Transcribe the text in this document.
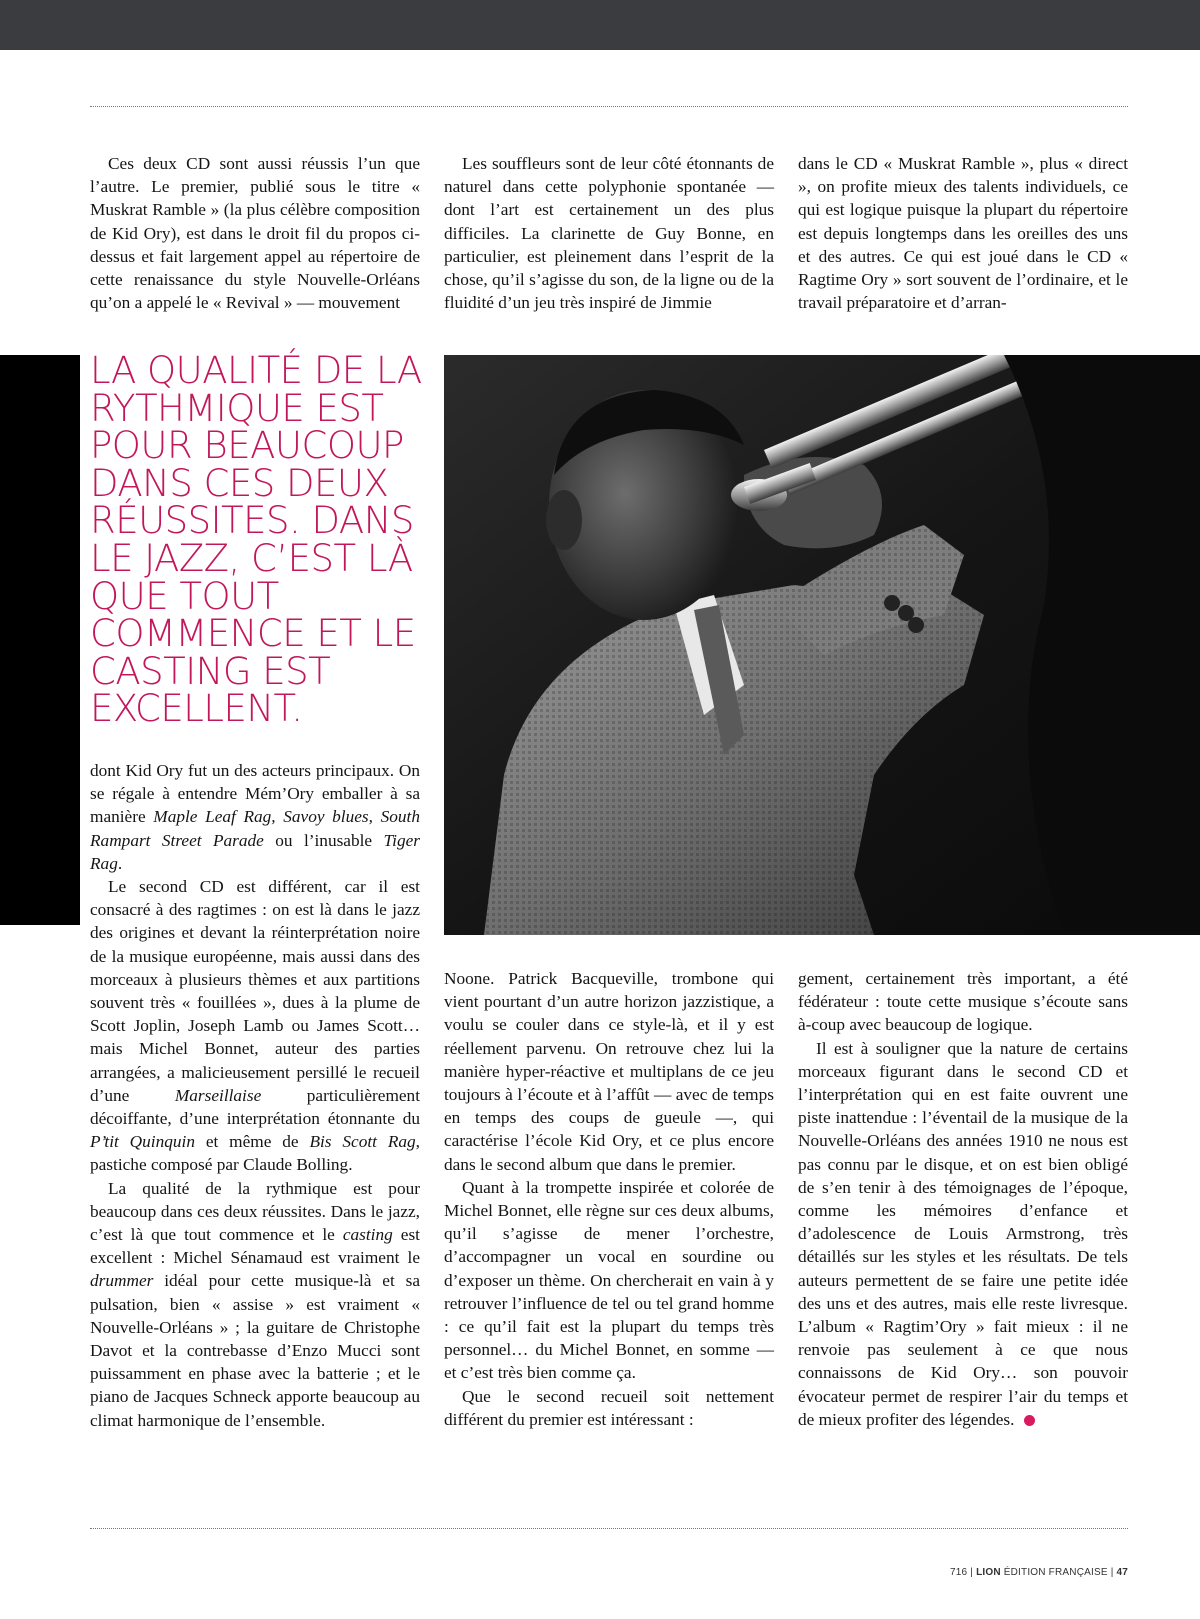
Ces deux CD sont aussi réussis l’un que l’autre. Le premier, publié sous le titre « Muskrat Ramble » (la plus célèbre composition de Kid Ory), est dans le droit fil du propos ci-dessus et fait largement appel au répertoire de cette renaissance du style Nouvelle-Orléans qu’on a appelé le « Revival » — mouvement

Les souffleurs sont de leur côté étonnants de naturel dans cette polyphonie spontanée — dont l’art est certainement un des plus difficiles. La clarinette de Guy Bonne, en particulier, est pleinement dans l’esprit de la chose, qu’il s’agisse du son, de la ligne ou de la fluidité d’un jeu très inspiré de Jimmie

dans le CD « Muskrat Ramble », plus « direct », on profite mieux des talents individuels, ce qui est logique puisque la plupart du répertoire est depuis longtemps dans les oreilles des uns et des autres. Ce qui est joué dans le CD « Ragtime Ory » sort souvent de l’ordinaire, et le travail préparatoire et d’arran-

LA QUALITÉ DE LA RYTHMIQUE EST POUR BEAUCOUP DANS CES DEUX RÉUSSITES. DANS LE JAZZ, C’EST LÀ QUE TOUT COMMENCE ET LE CASTING EST EXCELLENT.

dont Kid Ory fut un des acteurs principaux. On se régale à entendre Mém’Ory emballer à sa manière Maple Leaf Rag, Savoy blues, South Rampart Street Parade ou l’inusable Tiger Rag.

Le second CD est différent, car il est consacré à des ragtimes : on est là dans le jazz des origines et devant la réinterprétation noire de la musique européenne, mais aussi dans des morceaux à plusieurs thèmes et aux partitions souvent très « fouillées », dues à la plume de Scott Joplin, Joseph Lamb ou James Scott… mais Michel Bonnet, auteur des parties arrangées, a malicieusement persillé le recueil d’une Marseillaise particulièrement décoiffante, d’une interprétation étonnante du P’tit Quinquin et même de Bis Scott Rag, pastiche composé par Claude Bolling.

La qualité de la rythmique est pour beaucoup dans ces deux réussites. Dans le jazz, c’est là que tout commence et le casting est excellent : Michel Sénamaud est vraiment le drummer idéal pour cette musique-là et sa pulsation, bien « assise » est vraiment « Nouvelle-Orléans » ; la guitare de Christophe Davot et la contrebasse d’Enzo Mucci sont puissamment en phase avec la batterie ; et le piano de Jacques Schneck apporte beaucoup au climat harmonique de l’ensemble.

Noone. Patrick Bacqueville, trombone qui vient pourtant d’un autre horizon jazzistique, a voulu se couler dans ce style-là, et il y est réellement parvenu. On retrouve chez lui la manière hyper-réactive et multiplans de ce jeu toujours à l’écoute et à l’affût — avec de temps en temps des coups de gueule —, qui caractérise l’école Kid Ory, et ce plus encore dans le second album que dans le premier.

Quant à la trompette inspirée et colorée de Michel Bonnet, elle règne sur ces deux albums, qu’il s’agisse de mener l’orchestre, d’accompagner un vocal en sourdine ou d’exposer un thème. On chercherait en vain à y retrouver l’influence de tel ou tel grand homme : ce qu’il fait est la plupart du temps très personnel… du Michel Bonnet, en somme — et c’est très bien comme ça.

Que le second recueil soit nettement différent du premier est intéressant :

gement, certainement très important, a été fédérateur : toute cette musique s’écoute sans à-coup avec beaucoup de logique.

Il est à souligner que la nature de certains morceaux figurant dans le second CD et l’interprétation qui en est faite ouvrent une piste inattendue : l’éventail de la musique de la Nouvelle-Orléans des années 1910 ne nous est pas connu par le disque, et on est bien obligé de s’en tenir à des témoignages de l’époque, comme les mémoires d’enfance et d’adolescence de Louis Armstrong, très détaillés sur les styles et les résultats. De tels auteurs permettent de se faire une petite idée des uns et des autres, mais elle reste livresque. L’album « Ragtim’Ory » fait mieux : il ne renvoie pas seulement à ce que nous connaissons de Kid Ory… son pouvoir évocateur permet de respirer l’air du temps et de mieux profiter des légendes.

716 | LION ÉDITION FRANÇAISE | 47
